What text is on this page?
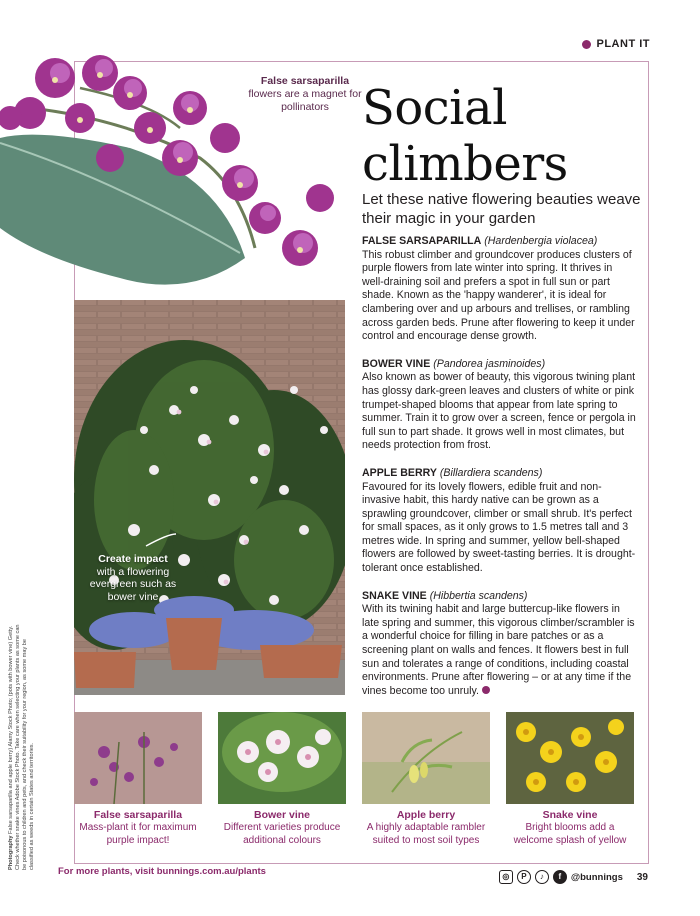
PLANT IT
False sarsaparilla
flowers are a magnet for pollinators
Create impact
with a flowering evergreen such as bower vine
Social
climbers

Let these native flowering beauties weave their magic in your garden

FALSE SARSAPARILLA (Hardenbergia violacea)

This robust climber and groundcover produces clusters of purple flowers from late winter into spring. It thrives in well-draining soil and prefers a spot in full sun or part shade. Known as the 'happy wanderer', it is ideal for clambering over and up arbours and trellises, or rambling across garden beds. Prune after flowering to keep it under control and encourage dense growth.

BOWER VINE (Pandorea jasminoides)

Also known as bower of beauty, this vigorous twining plant has glossy dark-green leaves and clusters of white or pink trumpet-shaped blooms that appear from late spring to summer. Train it to grow over a screen, fence or pergola in full sun to part shade. It grows well in most climates, but needs protection from frost.

APPLE BERRY (Billardiera scandens)

Favoured for its lovely flowers, edible fruit and non-invasive habit, this hardy native can be grown as a sprawling groundcover, climber or small shrub. It's perfect for small spaces, as it only grows to 1.5 metres tall and 3 metres wide. In spring and summer, yellow bell-shaped flowers are followed by sweet-tasting berries. It is drought-tolerant once established.

SNAKE VINE (Hibbertia scandens)

With its twining habit and large buttercup-like flowers in late spring and summer, this vigorous climber/scrambler is a wonderful choice for filling in bare patches or as a screening plant on walls and fences. It flowers best in full sun and tolerates a range of conditions, including coastal environments. Prune after flowering – or at any time if the vines become too unruly.

Photography False sarsaparilla and apple berry) Alamy Stock Photo; (pots with bower vine) Getty. Check whether snake vines Adobe Stock Photo. Take care when selecting your plants as some can be poisonous to children and pets, and check their suitability for your region, as some may be classified as weeds in certain States and territories.	False sarsaparilla
Mass-plant it for maximum purple impact!
Bower vine
Different varieties produce additional colours
Apple berry
A highly adaptable rambler suited to most soil types
Snake vine
Bright blooms add a welcome splash of yellow
For more plants, visit bunnings.com.au/plants	◎	P	♪	f	@bunnings 39
